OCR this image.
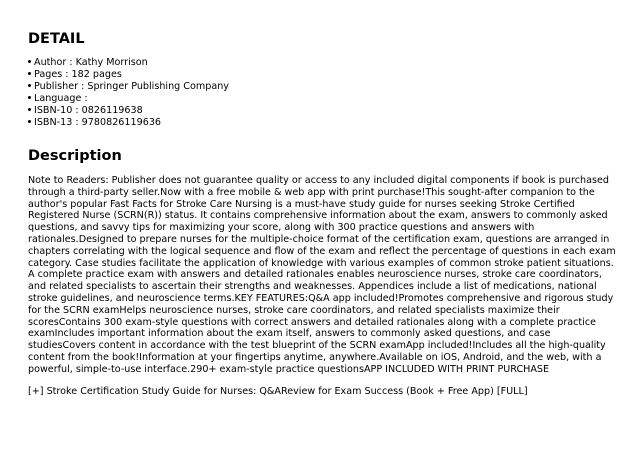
DETAIL
Author : Kathy Morrison
Pages : 182 pages
Publisher : Springer Publishing Company
Language :
ISBN-10 : 0826119638
ISBN-13 : 9780826119636
Description

Note to Readers: Publisher does not guarantee quality or access to any included digital components if book is purchased through a third-party seller.Now with a free mobile & web app with print purchase!This sought-after companion to the author's popular Fast Facts for Stroke Care Nursing is a must-have study guide for nurses seeking Stroke Certified Registered Nurse (SCRN(R)) status. It contains comprehensive information about the exam, answers to commonly asked questions, and savvy tips for maximizing your score, along with 300 practice questions and answers with rationales.Designed to prepare nurses for the multiple-choice format of the certification exam, questions are arranged in chapters correlating with the logical sequence and flow of the exam and reflect the percentage of questions in each exam category. Case studies facilitate the application of knowledge with various examples of common stroke patient situations. A complete practice exam with answers and detailed rationales enables neuroscience nurses, stroke care coordinators, and related specialists to ascertain their strengths and weaknesses. Appendices include a list of medications, national stroke guidelines, and neuroscience terms.KEY FEATURES:Q&A app included!Promotes comprehensive and rigorous study for the SCRN examHelps neuroscience nurses, stroke care coordinators, and related specialists maximize their scoresContains 300 exam-style questions with correct answers and detailed rationales along with a complete practice examIncludes important information about the exam itself, answers to commonly asked questions, and case studiesCovers content in accordance with the test blueprint of the SCRN examApp included!Includes all the high-quality content from the book!Information at your fingertips anytime, anywhere.Available on iOS, Android, and the web, with a powerful, simple-to-use interface.290+ exam-style practice questionsAPP INCLUDED WITH PRINT PURCHASE

[+] Stroke Certification Study Guide for Nurses: Q&AReview for Exam Success (Book + Free App) [FULL]
